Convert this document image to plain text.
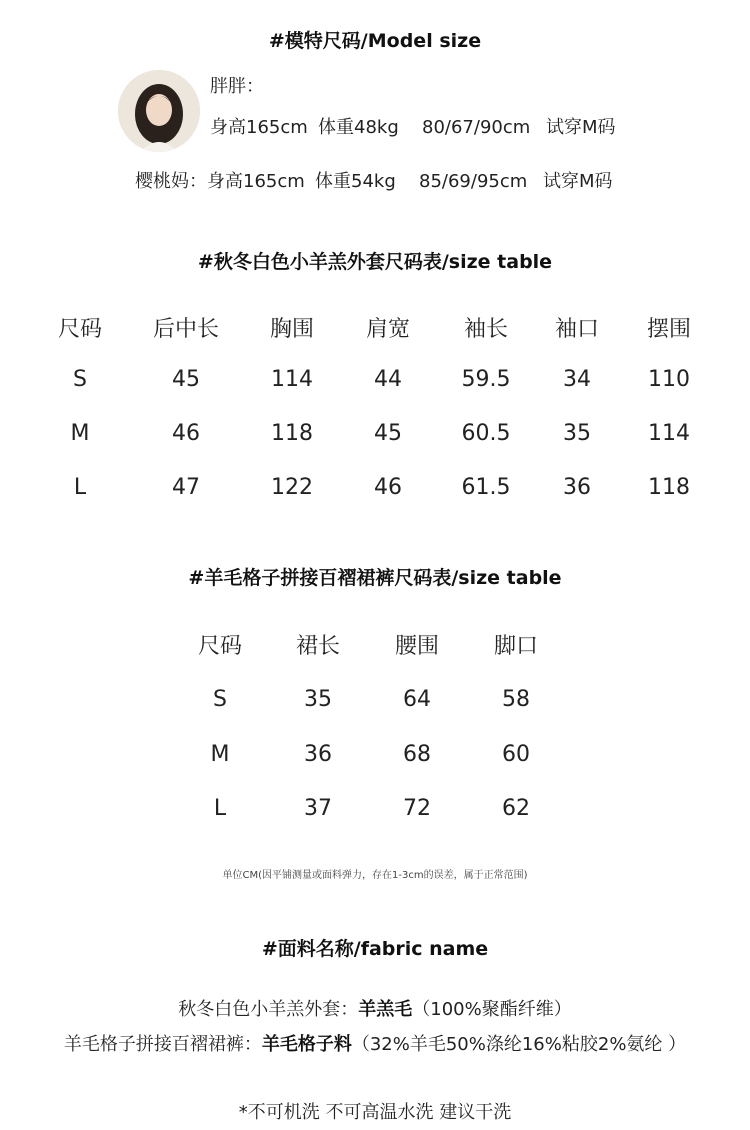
#模特尺码/Model size
胖胖：
身高165cm 体重48kg 80/67/90cm 试穿M码
樱桃妈：身高165cm 体重54kg 85/69/95cm 试穿M码
#秋冬白色小羊羔外套尺码表/size table
尺码	后中长	胸围	肩宽	袖长	袖口	摆围
S	45	114	44	59.5	34	110
M	46	118	45	60.5	35	114
L	47	122	46	61.5	36	118
#羊毛格子拼接百褶裙裤尺码表/size table
尺码	裙长	腰围	脚口
S	35	64	58
M	36	68	60
L	37	72	62
单位CM(因平铺测量或面料弹力，存在1-3cm的误差，属于正常范围)
#面料名称/fabric name
秋冬白色小羊羔外套：羊羔毛（100%聚酯纤维）
羊毛格子拼接百褶裙裤：羊毛格子料（32%羊毛50%涤纶16%粘胶2%氨纶 ）
*不可机洗 不可高温水洗 建议干洗
